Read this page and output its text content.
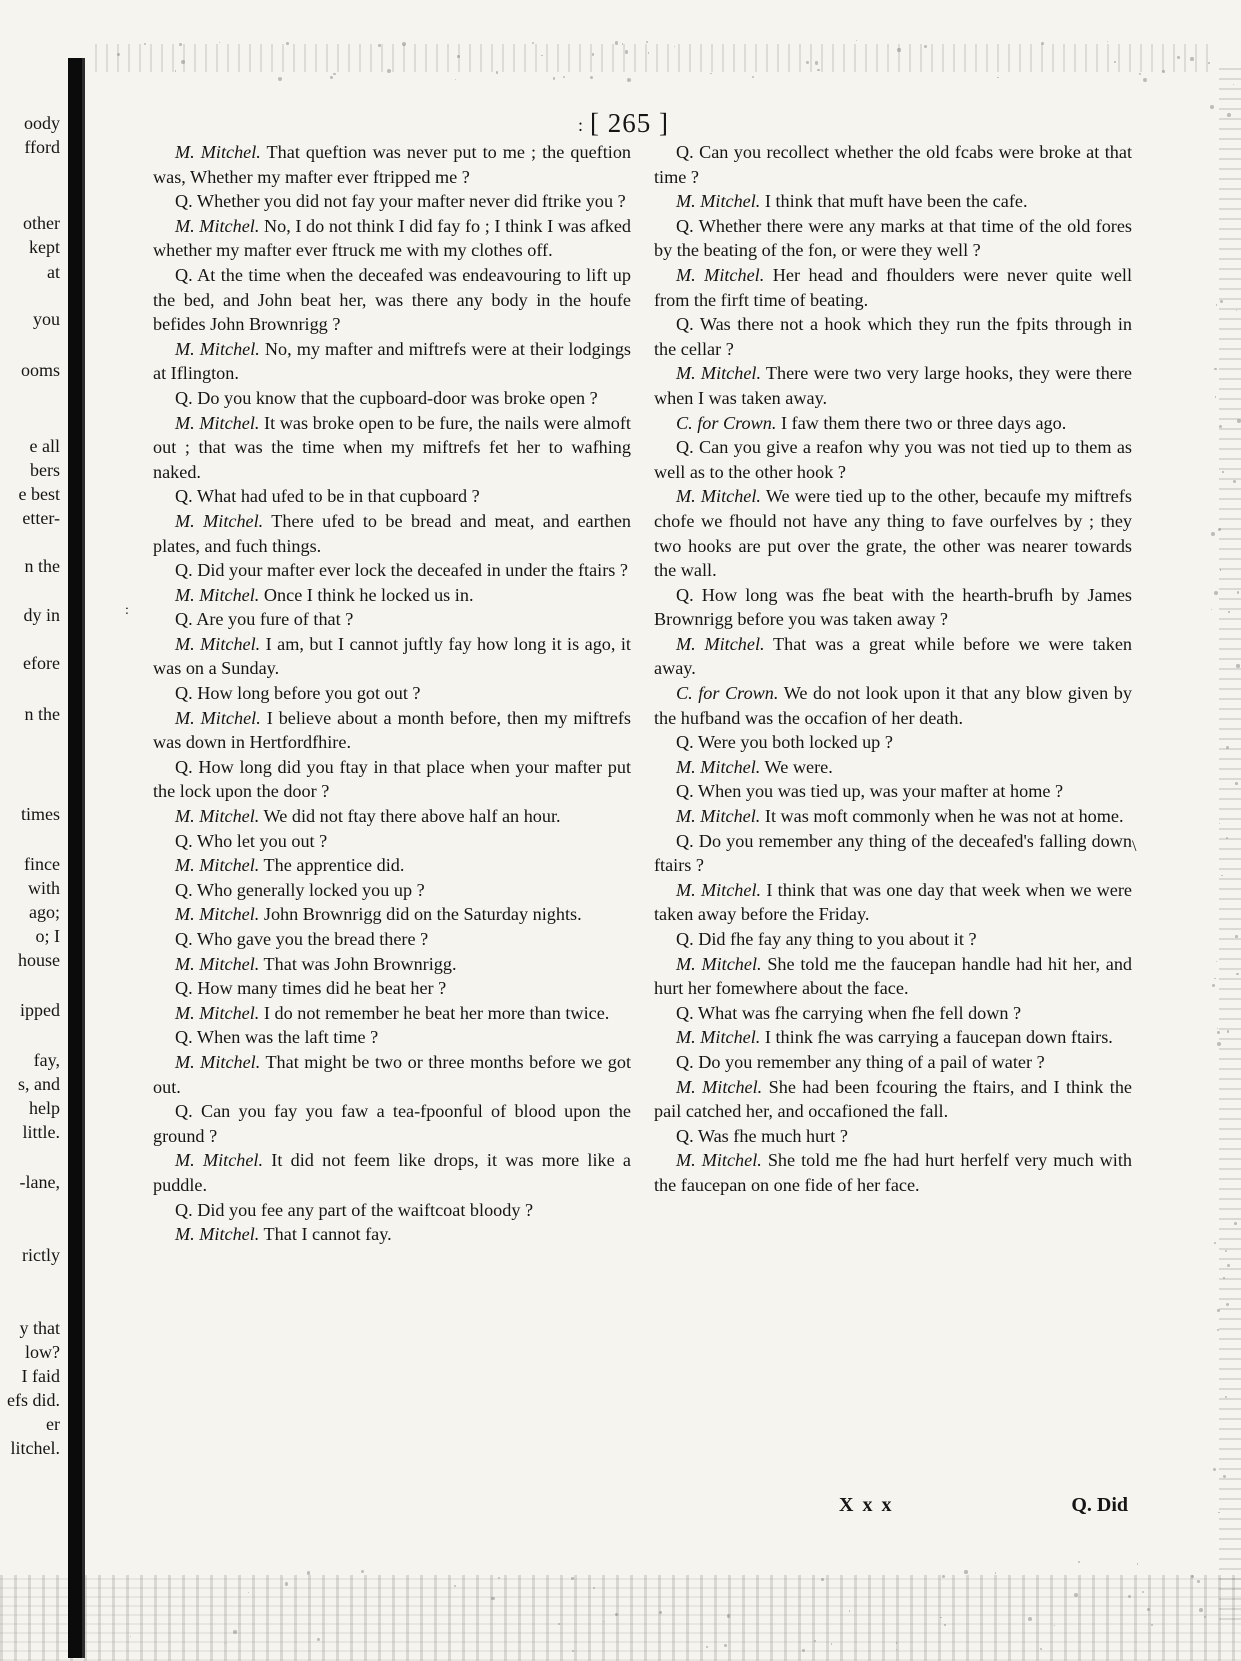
oody
fford
other
kept
at
you
ooms
e all
bers
e best
etter-
n the
dy in
efore
n the
times
fince
with
ago;
o; I
house
ipped
fay,
s, and
help
little.
-lane,
rictly
y that
low?
I faid
efs did.
er
litchel.
: [ 265 ]

M. Mitchel. That queftion was never put to me ; the queftion was, Whether my mafter ever ftripped me ?

Q. Whether you did not fay your mafter never did ftrike you ?

M. Mitchel. No, I do not think I did fay fo ; I think I was afked whether my mafter ever ftruck me with my clothes off.

Q. At the time when the deceafed was endeavouring to lift up the bed, and John beat her, was there any body in the houfe befides John Brownrigg ?

M. Mitchel. No, my mafter and miftrefs were at their lodgings at Iflington.

Q. Do you know that the cupboard-door was broke open ?

M. Mitchel. It was broke open to be fure, the nails were almoft out ; that was the time when my miftrefs fet her to wafhing naked.

Q. What had ufed to be in that cupboard ?

M. Mitchel. There ufed to be bread and meat, and earthen plates, and fuch things.

Q. Did your mafter ever lock the deceafed in under the ftairs ?

M. Mitchel. Once I think he locked us in.

Q. Are you fure of that ?

M. Mitchel. I am, but I cannot juftly fay how long it is ago, it was on a Sunday.

Q. How long before you got out ?

M. Mitchel. I believe about a month before, then my miftrefs was down in Hertfordfhire.

Q. How long did you ftay in that place when your mafter put the lock upon the door ?

M. Mitchel. We did not ftay there above half an hour.

Q. Who let you out ?

M. Mitchel. The apprentice did.

Q. Who generally locked you up ?

M. Mitchel. John Brownrigg did on the Saturday nights.

Q. Who gave you the bread there ?

M. Mitchel. That was John Brownrigg.

Q. How many times did he beat her ?

M. Mitchel. I do not remember he beat her more than twice.

Q. When was the laft time ?

M. Mitchel. That might be two or three months before we got out.

Q. Can you fay you faw a tea-fpoonful of blood upon the ground ?

M. Mitchel. It did not feem like drops, it was more like a puddle.

Q. Did you fee any part of the waiftcoat bloody ?

M. Mitchel. That I cannot fay.

Q. Can you recollect whether the old fcabs were broke at that time ?

M. Mitchel. I think that muft have been the cafe.

Q. Whether there were any marks at that time of the old fores by the beating of the fon, or were they well ?

M. Mitchel. Her head and fhoulders were never quite well from the firft time of beating.

Q. Was there not a hook which they run the fpits through in the cellar ?

M. Mitchel. There were two very large hooks, they were there when I was taken away.

C. for Crown. I faw them there two or three days ago.

Q. Can you give a reafon why you was not tied up to them as well as to the other hook ?

M. Mitchel. We were tied up to the other, becaufe my miftrefs chofe we fhould not have any thing to fave ourfelves by ; they two hooks are put over the grate, the other was nearer towards the wall.

Q. How long was fhe beat with the hearth-brufh by James Brownrigg before you was taken away ?

M. Mitchel. That was a great while before we were taken away.

C. for Crown. We do not look upon it that any blow given by the hufband was the occafion of her death.

Q. Were you both locked up ?

M. Mitchel. We were.

Q. When you was tied up, was your mafter at home ?

M. Mitchel. It was moft commonly when he was not at home.

Q. Do you remember any thing of the deceafed's falling down ftairs ?

M. Mitchel. I think that was one day that week when we were taken away before the Friday.

Q. Did fhe fay any thing to you about it ?

M. Mitchel. She told me the faucepan handle had hit her, and hurt her fomewhere about the face.

Q. What was fhe carrying when fhe fell down ?

M. Mitchel. I think fhe was carrying a faucepan down ftairs.

Q. Do you remember any thing of a pail of water ?

M. Mitchel. She had been fcouring the ftairs, and I think the pail catched her, and occafioned the fall.

Q. Was fhe much hurt ?

M. Mitchel. She told me fhe had hurt herfelf very much with the faucepan on one fide of her face.

X x x	Q. Did
\
:
